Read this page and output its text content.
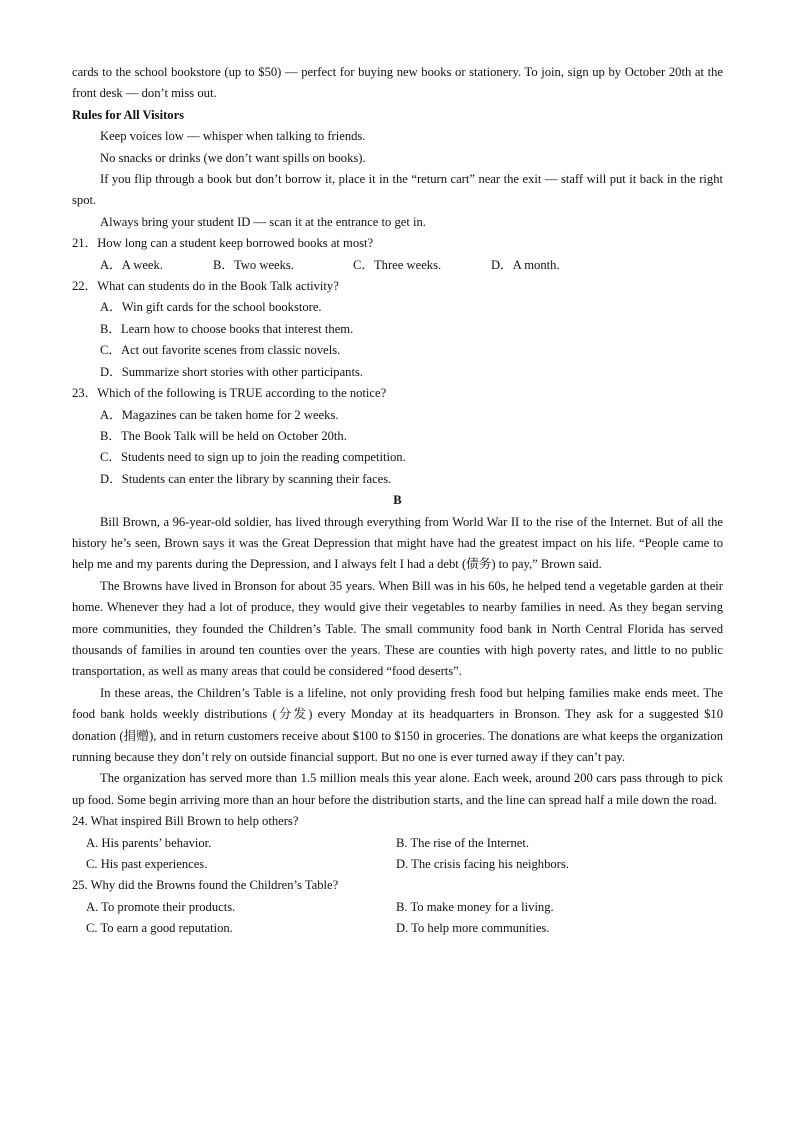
cards to the school bookstore (up to $50) — perfect for buying new books or stationery. To join, sign up by October 20th at the front desk — don’t miss out.

Rules for All Visitors

Keep voices low — whisper when talking to friends.

No snacks or drinks (we don’t want spills on books).

If you flip through a book but don’t borrow it, place it in the “return cart” near the exit — staff will put it back in the right spot.

Always bring your student ID — scan it at the entrance to get in.

21．How long can a student keep borrowed books at most?

A．A week.	B．Two weeks.	C．Three weeks.	D．A month.

22．What can students do in the Book Talk activity?

A．Win gift cards for the school bookstore.

B．Learn how to choose books that interest them.

C．Act out favorite scenes from classic novels.

D．Summarize short stories with other participants.

23．Which of the following is TRUE according to the notice?

A．Magazines can be taken home for 2 weeks.

B．The Book Talk will be held on October 20th.

C．Students need to sign up to join the reading competition.

D．Students can enter the library by scanning their faces.

B

Bill Brown, a 96-year-old soldier, has lived through everything from World War II to the rise of the Internet. But of all the history he’s seen, Brown says it was the Great Depression that might have had the greatest impact on his life. “People came to help me and my parents during the Depression, and I always felt I had a debt (债务) to pay,” Brown said.

The Browns have lived in Bronson for about 35 years. When Bill was in his 60s, he helped tend a vegetable garden at their home. Whenever they had a lot of produce, they would give their vegetables to nearby families in need. As they began serving more communities, they founded the Children’s Table. The small community food bank in North Central Florida has served thousands of families in around ten counties over the years. These are counties with high poverty rates, and little to no public transportation, as well as many areas that could be considered “food deserts”.

In these areas, the Children’s Table is a lifeline, not only providing fresh food but helping families make ends meet. The food bank holds weekly distributions (分发) every Monday at its headquarters in Bronson. They ask for a suggested $10 donation (捐赠), and in return customers receive about $100 to $150 in groceries. The donations are what keeps the organization running because they don’t rely on outside financial support. But no one is ever turned away if they can’t pay.

The organization has served more than 1.5 million meals this year alone. Each week, around 200 cars pass through to pick up food. Some begin arriving more than an hour before the distribution starts, and the line can spread half a mile down the road.

24. What inspired Bill Brown to help others?

A. His parents’ behavior.	B. The rise of the Internet.
C. His past experiences.	D. The crisis facing his neighbors.

25. Why did the Browns found the Children’s Table?

A. To promote their products.	B. To make money for a living.
C. To earn a good reputation.	D. To help more communities.
